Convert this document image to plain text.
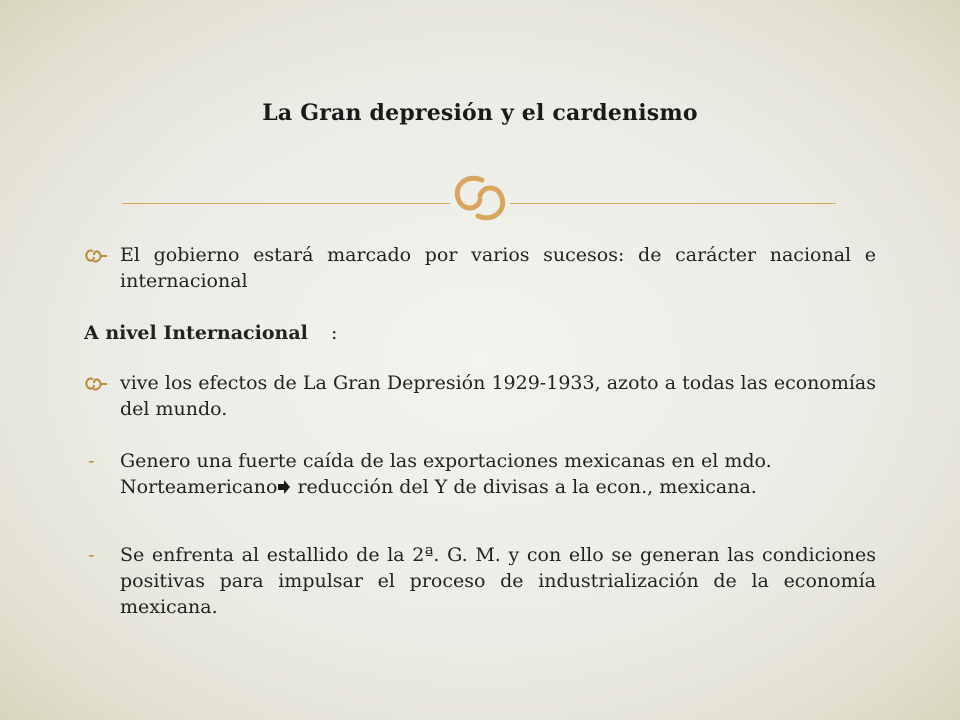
La Gran depresión y el cardenismo
El gobierno estará marcado por varios sucesos: de carácter nacional e internacional
A nivel Internacional :
vive los efectos de La Gran Depresión 1929-1933, azoto a todas las economías del mundo.
-	Genero una fuerte caída de las exportaciones mexicanas en el mdo. Norteamericano reducción del Y de divisas a la econ., mexicana.
-	Se enfrenta al estallido de la 2ª. G. M. y con ello se generan las condiciones positivas para impulsar el proceso de industrialización de la economía mexicana.
